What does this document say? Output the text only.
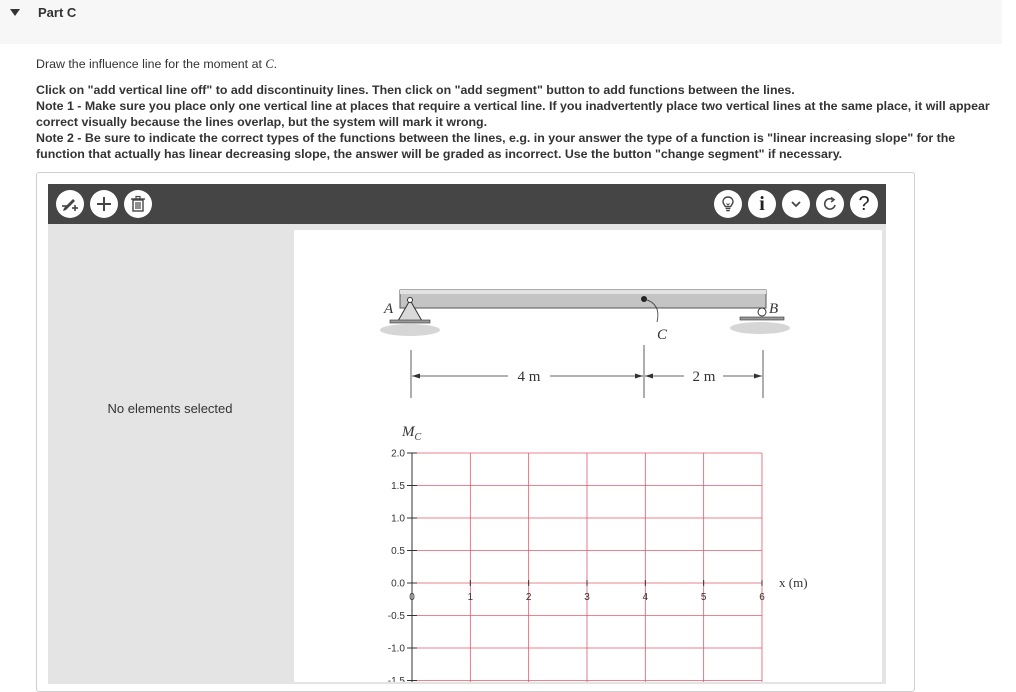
Part C
Draw the influence line for the moment at C.
Click on "add vertical line off" to add discontinuity lines. Then click on "add segment" button to add functions between the lines.
Note 1 - Make sure you place only one vertical line at places that require a vertical line. If you inadvertently place two vertical lines at the same place, it will appear correct visually because the lines overlap, but the system will mark it wrong.
Note 2 - Be sure to indicate the correct types of the functions between the lines, e.g. in your answer the type of a function is "linear increasing slope" for the function that actually has linear decreasing slope, the answer will be graded as incorrect. Use the button "change segment" if necessary.
i	?
No elements selected
A	B
C
4 m	2 m
$M_C$
x (m)
2.0
1.5
1.0
0.5
0.0
-0.5
-1.0
-1.5
0	1	2	3	4	5	6
